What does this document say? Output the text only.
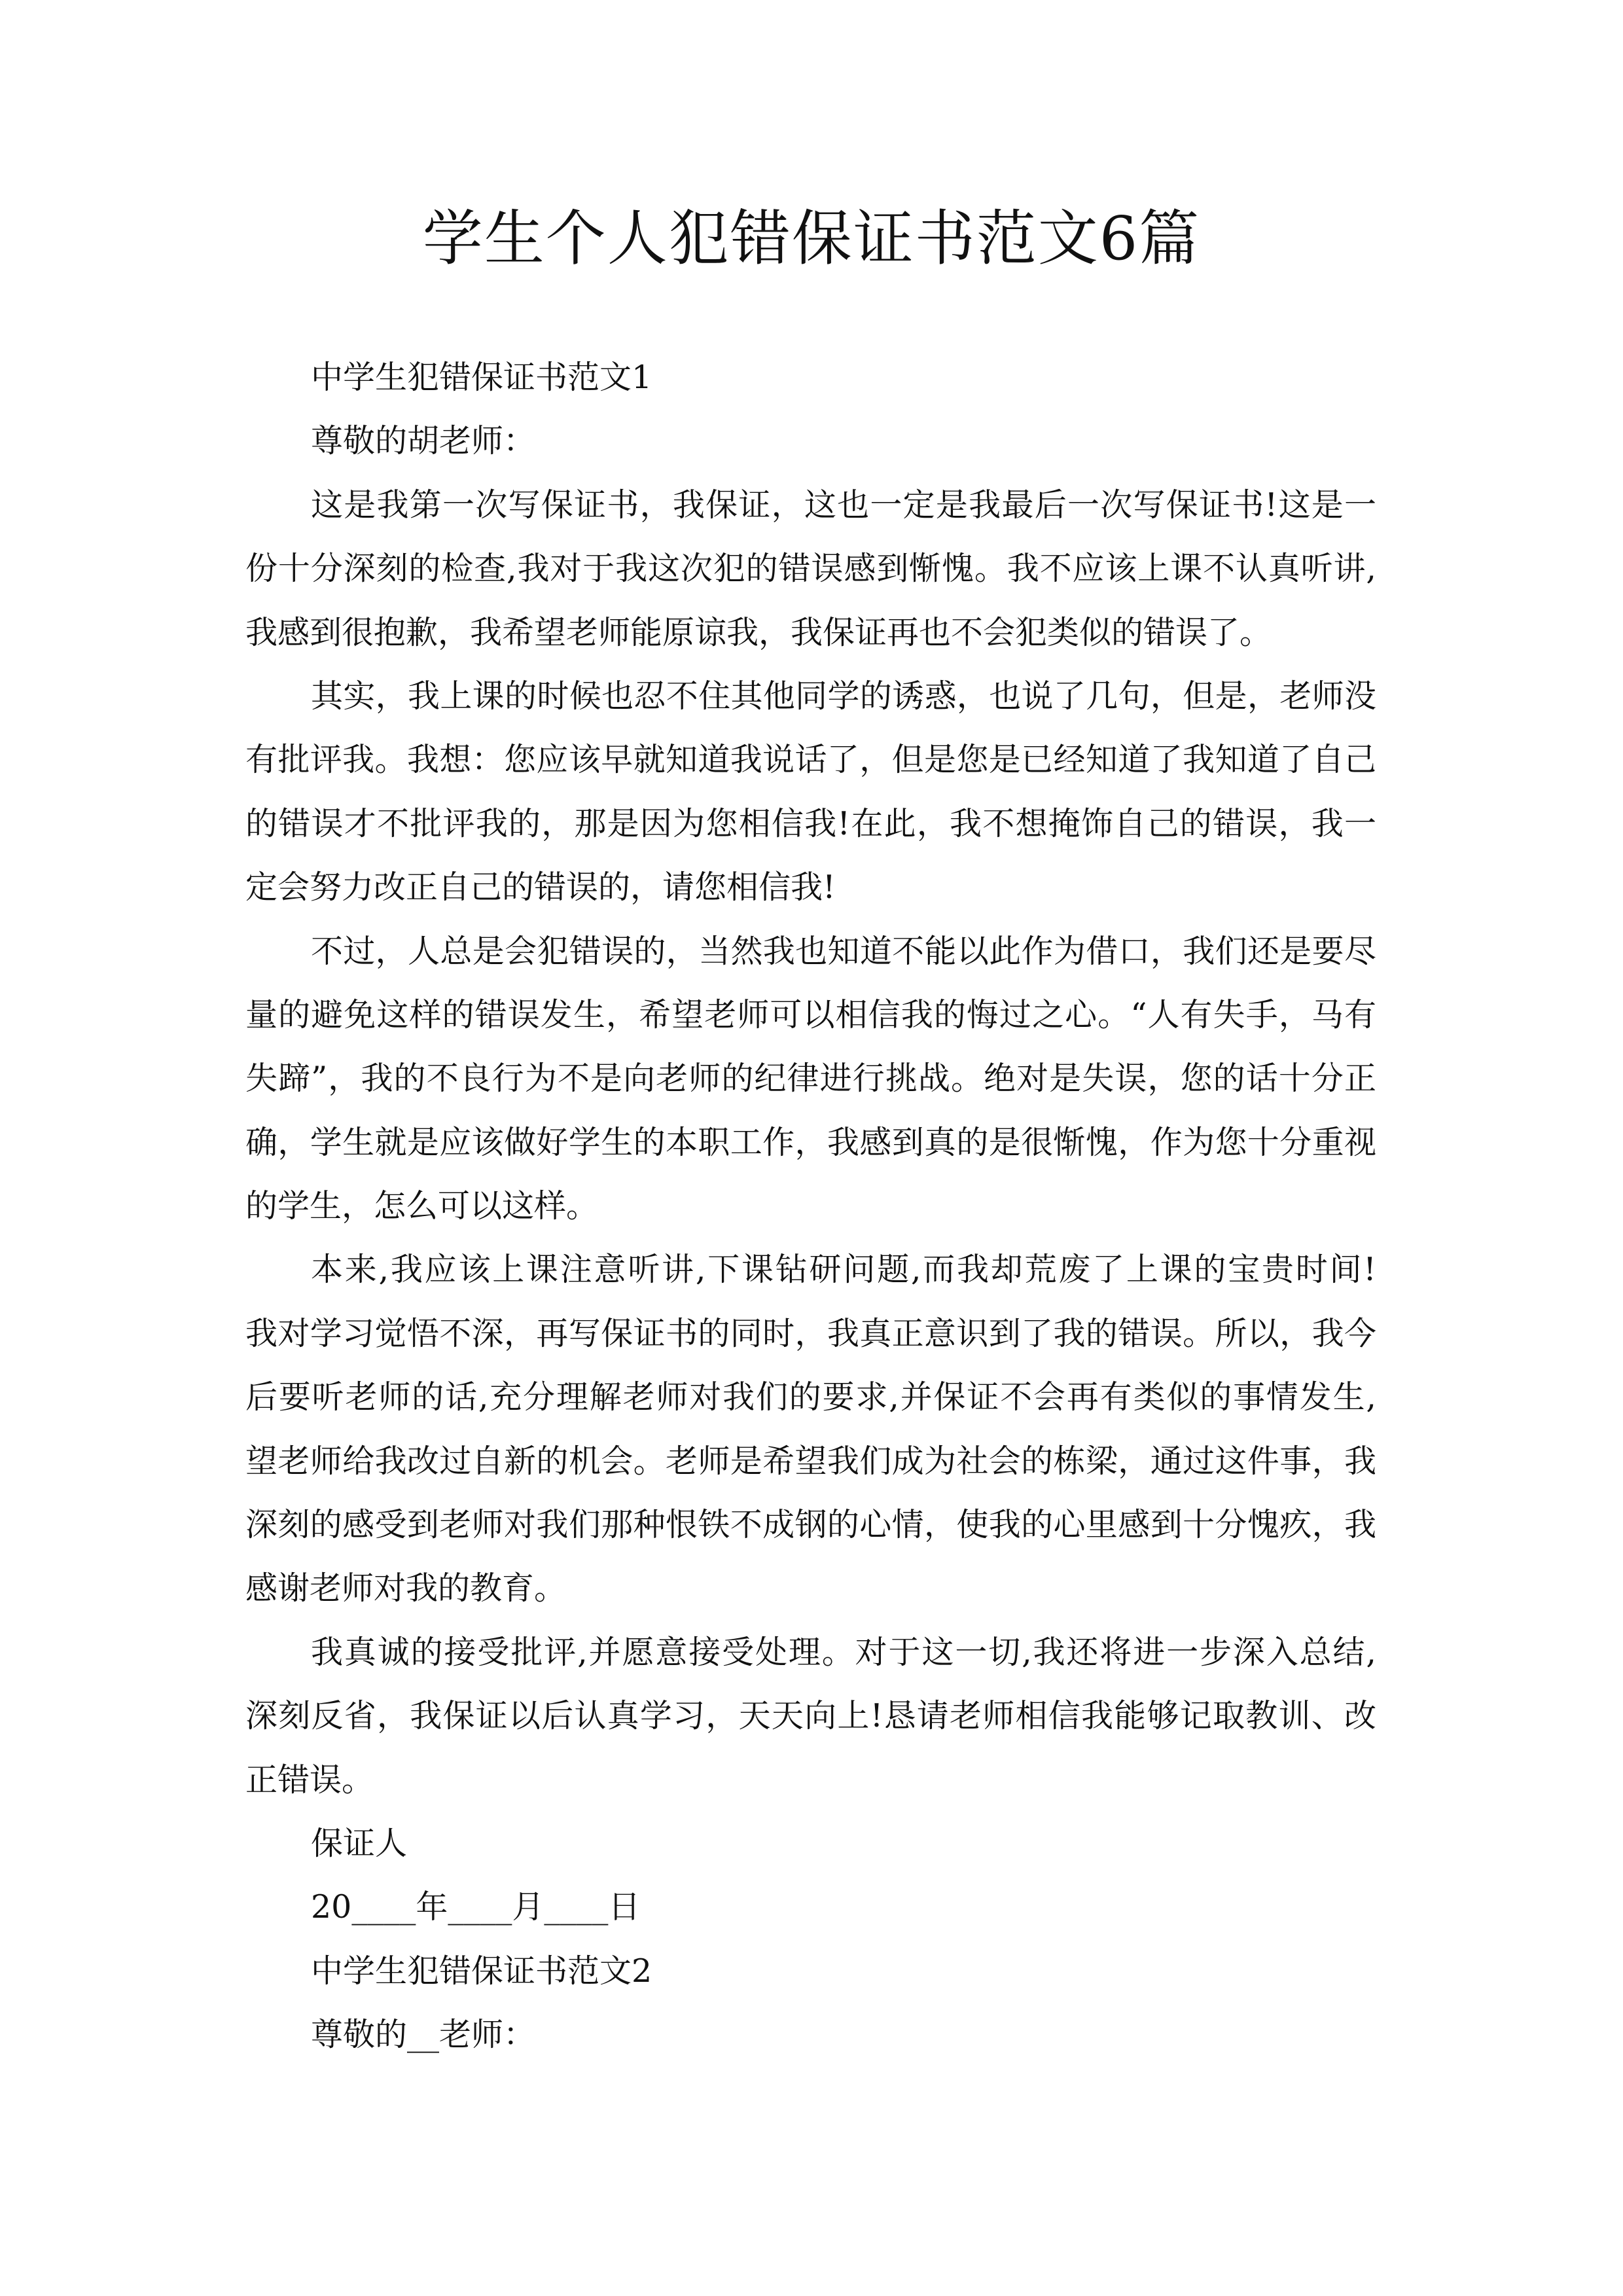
学生个人犯错保证书范文6篇
中学生犯错保证书范文1
尊敬的胡老师：
这是我第一次写保证书，我保证，这也一定是我最后一次写保证书!这是一
份十分深刻的检查,我对于我这次犯的错误感到惭愧。我不应该上课不认真听讲,
我感到很抱歉，我希望老师能原谅我，我保证再也不会犯类似的错误了。
其实，我上课的时候也忍不住其他同学的诱惑，也说了几句，但是，老师没
有批评我。我想：您应该早就知道我说话了，但是您是已经知道了我知道了自己
的错误才不批评我的，那是因为您相信我!在此，我不想掩饰自己的错误，我一
定会努力改正自己的错误的，请您相信我!
不过，人总是会犯错误的，当然我也知道不能以此作为借口，我们还是要尽
量的避免这样的错误发生，希望老师可以相信我的悔过之心。“人有失手，马有
失蹄”，我的不良行为不是向老师的纪律进行挑战。绝对是失误，您的话十分正
确，学生就是应该做好学生的本职工作，我感到真的是很惭愧，作为您十分重视
的学生，怎么可以这样。
本来,我应该上课注意听讲,下课钻研问题,而我却荒废了上课的宝贵时间!
我对学习觉悟不深，再写保证书的同时，我真正意识到了我的错误。所以，我今
后要听老师的话,充分理解老师对我们的要求,并保证不会再有类似的事情发生,
望老师给我改过自新的机会。老师是希望我们成为社会的栋梁，通过这件事，我
深刻的感受到老师对我们那种恨铁不成钢的心情，使我的心里感到十分愧疚，我
感谢老师对我的教育。
我真诚的接受批评,并愿意接受处理。对于这一切,我还将进一步深入总结,
深刻反省，我保证以后认真学习，天天向上!恳请老师相信我能够记取教训、改
正错误。
保证人
20____年____月____日
中学生犯错保证书范文2
尊敬的__老师：
